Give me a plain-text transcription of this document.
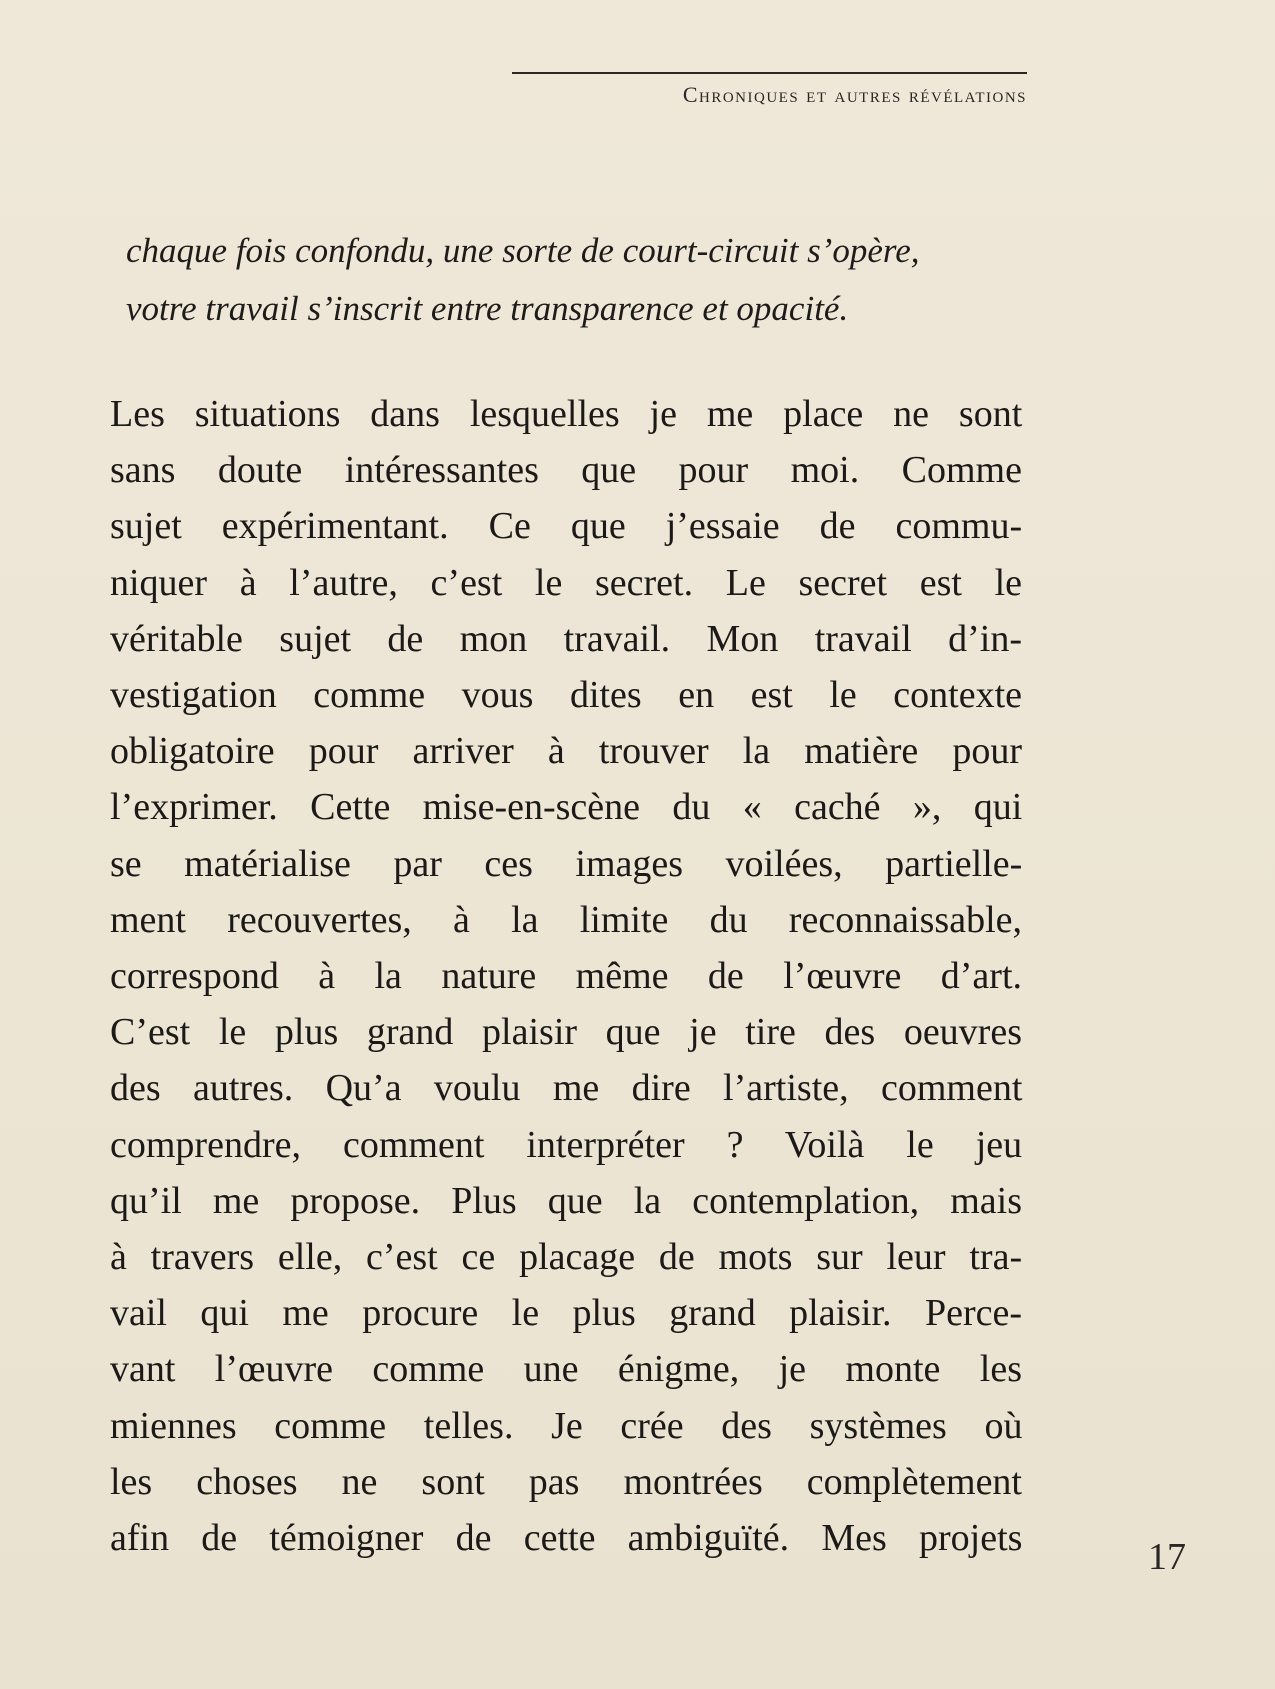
Chroniques et autres révélations
chaque fois confondu, une sorte de court-circuit s’opère,
votre travail s’inscrit entre transparence et opacité.
Les situations dans lesquelles je me place ne sont
sans doute intéressantes que pour moi. Comme
sujet expérimentant. Ce que j’essaie de commu-
niquer à l’autre, c’est le secret. Le secret est le
véritable sujet de mon travail. Mon travail d’in-
vestigation comme vous dites en est le contexte
obligatoire pour arriver à trouver la matière pour
l’exprimer. Cette mise-en-scène du « caché », qui
se matérialise par ces images voilées, partielle-
ment recouvertes, à la limite du reconnaissable,
correspond à la nature même de l’œuvre d’art.
C’est le plus grand plaisir que je tire des oeuvres
des autres. Qu’a voulu me dire l’artiste, comment
comprendre, comment interpréter ? Voilà le jeu
qu’il me propose. Plus que la contemplation, mais
à travers elle, c’est ce placage de mots sur leur tra-
vail qui me procure le plus grand plaisir. Perce-
vant l’œuvre comme une énigme, je monte les
miennes comme telles. Je crée des systèmes où
les choses ne sont pas montrées complètement
afin de témoigner de cette ambiguïté. Mes projets	17
